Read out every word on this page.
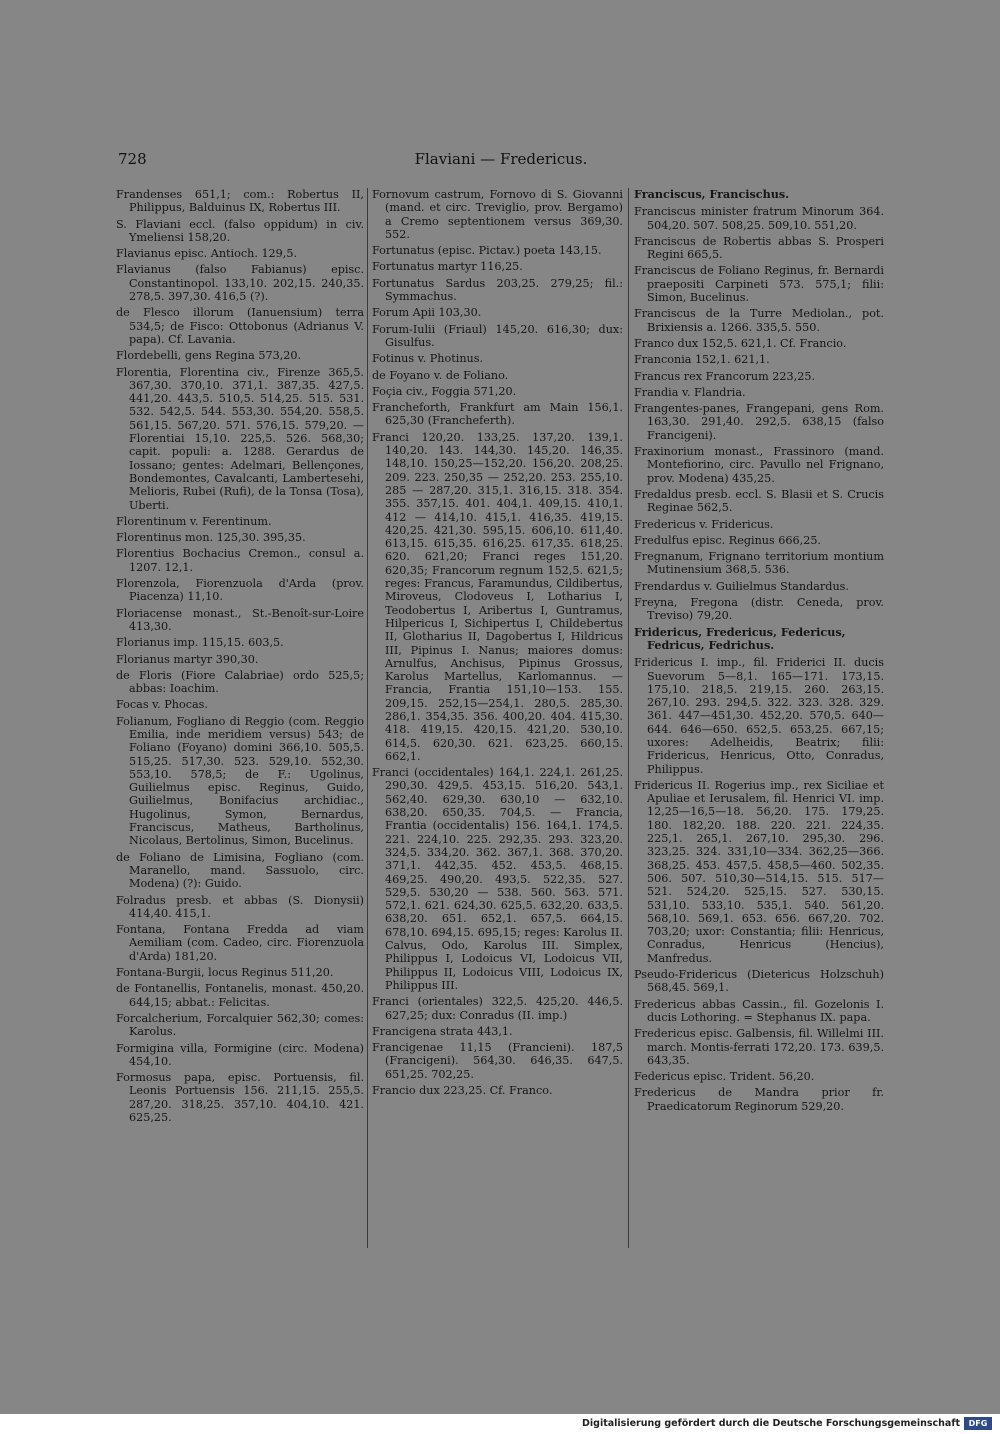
728	Flaviani — Fredericus.

Frandenses 651,1; com.: Robertus II, Philippus, Balduinus IX, Robertus III.

S. Flaviani eccl. (falso oppidum) in civ. Ymeliensi 158,20.

Flavianus episc. Antioch. 129,5.

Flavianus (falso Fabianus) episc. Constantinopol. 133,10. 202,15. 240,35. 278,5. 397,30. 416,5 (?).

de Flesco illorum (Ianuensium) terra 534,5; de Fisco: Ottobonus (Adrianus V. papa). Cf. Lavania.

Flordebelli, gens Regina 573,20.

Florentia, Florentina civ., Firenze 365,5. 367,30. 370,10. 371,1. 387,35. 427,5. 441,20. 443,5. 510,5. 514,25. 515. 531. 532. 542,5. 544. 553,30. 554,20. 558,5. 561,15. 567,20. 571. 576,15. 579,20. — Florentiai 15,10. 225,5. 526. 568,30; capit. populi: a. 1288. Gerardus de Iossano; gentes: Adelmari, Bellençones, Bondemontes, Cavalcanti, Lambertesehi, Melioris, Rubei (Rufi), de la Tonsa (Tosa), Uberti.

Florentinum v. Ferentinum.

Florentinus mon. 125,30. 395,35.

Florentius Bochacius Cremon., consul a. 1207. 12,1.

Florenzola, Fiorenzuola d'Arda (prov. Piacenza) 11,10.

Floriacense monast., St.-Benoît-sur-Loire 413,30.

Florianus imp. 115,15. 603,5.

Florianus martyr 390,30.

de Floris (Fiore Calabriae) ordo 525,5; abbas: Ioachim.

Focas v. Phocas.

Folianum, Fogliano di Reggio (com. Reggio Emilia, inde meridiem versus) 543; de Foliano (Foyano) domini 366,10. 505,5. 515,25. 517,30. 523. 529,10. 552,30. 553,10. 578,5; de F.: Ugolinus, Guilielmus episc. Reginus, Guido, Guilielmus, Bonifacius archidiac., Hugolinus, Symon, Bernardus, Franciscus, Matheus, Bartholinus, Nicolaus, Bertolinus, Simon, Bucelinus.

de Foliano de Limisina, Fogliano (com. Maranello, mand. Sassuolo, circ. Modena) (?): Guido.

Folradus presb. et abbas (S. Dionysii) 414,40. 415,1.

Fontana, Fontana Fredda ad viam Aemiliam (com. Cadeo, circ. Fiorenzuola d'Arda) 181,20.

Fontana-Burgii, locus Reginus 511,20.

de Fontanellis, Fontanelis, monast. 450,20. 644,15; abbat.: Felicitas.

Forcalcherium, Forcalquier 562,30; comes: Karolus.

Formigina villa, Formigine (circ. Modena) 454,10.

Formosus papa, episc. Portuensis, fil. Leonis Portuensis 156. 211,15. 255,5. 287,20. 318,25. 357,10. 404,10. 421. 625,25.

Fornovum castrum, Fornovo di S. Giovanni (mand. et circ. Treviglio, prov. Bergamo) a Cremo septentionem versus 369,30. 552.

Fortunatus (episc. Pictav.) poeta 143,15.

Fortunatus martyr 116,25.

Fortunatus Sardus 203,25. 279,25; fil.: Symmachus.

Forum Apii 103,30.

Forum-Iulii (Friaul) 145,20. 616,30; dux: Gisulfus.

Fotinus v. Photinus.

de Foyano v. de Foliano.

Foçia civ., Foggia 571,20.

Francheforth, Frankfurt am Main 156,1. 625,30 (Francheferth).

Franci 120,20. 133,25. 137,20. 139,1. 140,20. 143. 144,30. 145,20. 146,35. 148,10. 150,25—152,20. 156,20. 208,25. 209. 223. 250,35 — 252,20. 253. 255,10. 285 — 287,20. 315,1. 316,15. 318. 354. 355. 357,15. 401. 404,1. 409,15. 410,1. 412 — 414,10. 415,1. 416,35. 419,15. 420,25. 421,30. 595,15. 606,10. 611,40. 613,15. 615,35. 616,25. 617,35. 618,25. 620. 621,20; Franci reges 151,20. 620,35; Francorum regnum 152,5. 621,5; reges: Francus, Faramundus, Cildibertus, Miroveus, Clodoveus I, Lotharius I, Teodobertus I, Aribertus I, Guntramus, Hilpericus I, Sichipertus I, Childebertus II, Glotharius II, Dagobertus I, Hildricus III, Pipinus I. Nanus; maiores domus: Arnulfus, Anchisus, Pipinus Grossus, Karolus Martellus, Karlomannus. — Francia, Frantia 151,10—153. 155. 209,15. 252,15—254,1. 280,5. 285,30. 286,1. 354,35. 356. 400,20. 404. 415,30. 418. 419,15. 420,15. 421,20. 530,10. 614,5. 620,30. 621. 623,25. 660,15. 662,1.

Franci (occidentales) 164,1. 224,1. 261,25. 290,30. 429,5. 453,15. 516,20. 543,1. 562,40. 629,30. 630,10 — 632,10. 638,20. 650,35. 704,5. — Francia, Frantia (occidentalis) 156. 164,1. 174,5. 221. 224,10. 225. 292,35. 293. 323,20. 324,5. 334,20. 362. 367,1. 368. 370,20. 371,1. 442,35. 452. 453,5. 468,15. 469,25. 490,20. 493,5. 522,35. 527. 529,5. 530,20 — 538. 560. 563. 571. 572,1. 621. 624,30. 625,5. 632,20. 633,5. 638,20. 651. 652,1. 657,5. 664,15. 678,10. 694,15. 695,15; reges: Karolus II. Calvus, Odo, Karolus III. Simplex, Philippus I, Lodoicus VI, Lodoicus VII, Philippus II, Lodoicus VIII, Lodoicus IX, Philippus III.

Franci (orientales) 322,5. 425,20. 446,5. 627,25; dux: Conradus (II. imp.)

Francigena strata 443,1.

Francigenae 11,15 (Francieni). 187,5 (Francigeni). 564,30. 646,35. 647,5. 651,25. 702,25.

Francio dux 223,25. Cf. Franco.

Franciscus, Francischus.

Franciscus minister fratrum Minorum 364. 504,20. 507. 508,25. 509,10. 551,20.

Franciscus de Robertis abbas S. Prosperi Regini 665,5.

Franciscus de Foliano Reginus, fr. Bernardi praepositi Carpineti 573. 575,1; filii: Simon, Bucelinus.

Franciscus de la Turre Mediolan., pot. Brixiensis a. 1266. 335,5. 550.

Franco dux 152,5. 621,1. Cf. Francio.

Franconia 152,1. 621,1.

Francus rex Francorum 223,25.

Frandia v. Flandria.

Frangentes-panes, Frangepani, gens Rom. 163,30. 291,40. 292,5. 638,15 (falso Francigeni).

Fraxinorium monast., Frassinoro (mand. Montefiorino, circ. Pavullo nel Frignano, prov. Modena) 435,25.

Fredaldus presb. eccl. S. Blasii et S. Crucis Reginae 562,5.

Fredericus v. Fridericus.

Fredulfus episc. Reginus 666,25.

Fregnanum, Frignano territorium montium Mutinensium 368,5. 536.

Frendardus v. Guilielmus Standardus.

Freyna, Fregona (distr. Ceneda, prov. Treviso) 79,20.

Fridericus, Fredericus, Federicus, Fedricus, Fedrichus.

Fridericus I. imp., fil. Friderici II. ducis Suevorum 5—8,1. 165—171. 173,15. 175,10. 218,5. 219,15. 260. 263,15. 267,10. 293. 294,5. 322. 323. 328. 329. 361. 447—451,30. 452,20. 570,5. 640—644. 646—650. 652,5. 653,25. 667,15; uxores: Adelheidis, Beatrix; filii: Fridericus, Henricus, Otto, Conradus, Philippus.

Fridericus II. Rogerius imp., rex Siciliae et Apuliae et Ierusalem, fil. Henrici VI. imp. 12,25—16,5—18. 56,20. 175. 179,25. 180. 182,20. 188. 220. 221. 224,35. 225,1. 265,1. 267,10. 295,30. 296. 323,25. 324. 331,10—334. 362,25—366. 368,25. 453. 457,5. 458,5—460. 502,35. 506. 507. 510,30—514,15. 515. 517—521. 524,20. 525,15. 527. 530,15. 531,10. 533,10. 535,1. 540. 561,20. 568,10. 569,1. 653. 656. 667,20. 702. 703,20; uxor: Constantia; filii: Henricus, Conradus, Henricus (Hencius), Manfredus.

Pseudo-Fridericus (Dietericus Holzschuh) 568,45. 569,1.

Fredericus abbas Cassin., fil. Gozelonis I. ducis Lothoring. = Stephanus IX. papa.

Fredericus episc. Galbensis, fil. Willelmi III. march. Montis-ferrati 172,20. 173. 639,5. 643,35.

Federicus episc. Trident. 56,20.

Fredericus de Mandra prior fr. Praedicatorum Reginorum 529,20.

Digitalisierung gefördert durch die Deutsche Forschungsgemeinschaft	DFG
